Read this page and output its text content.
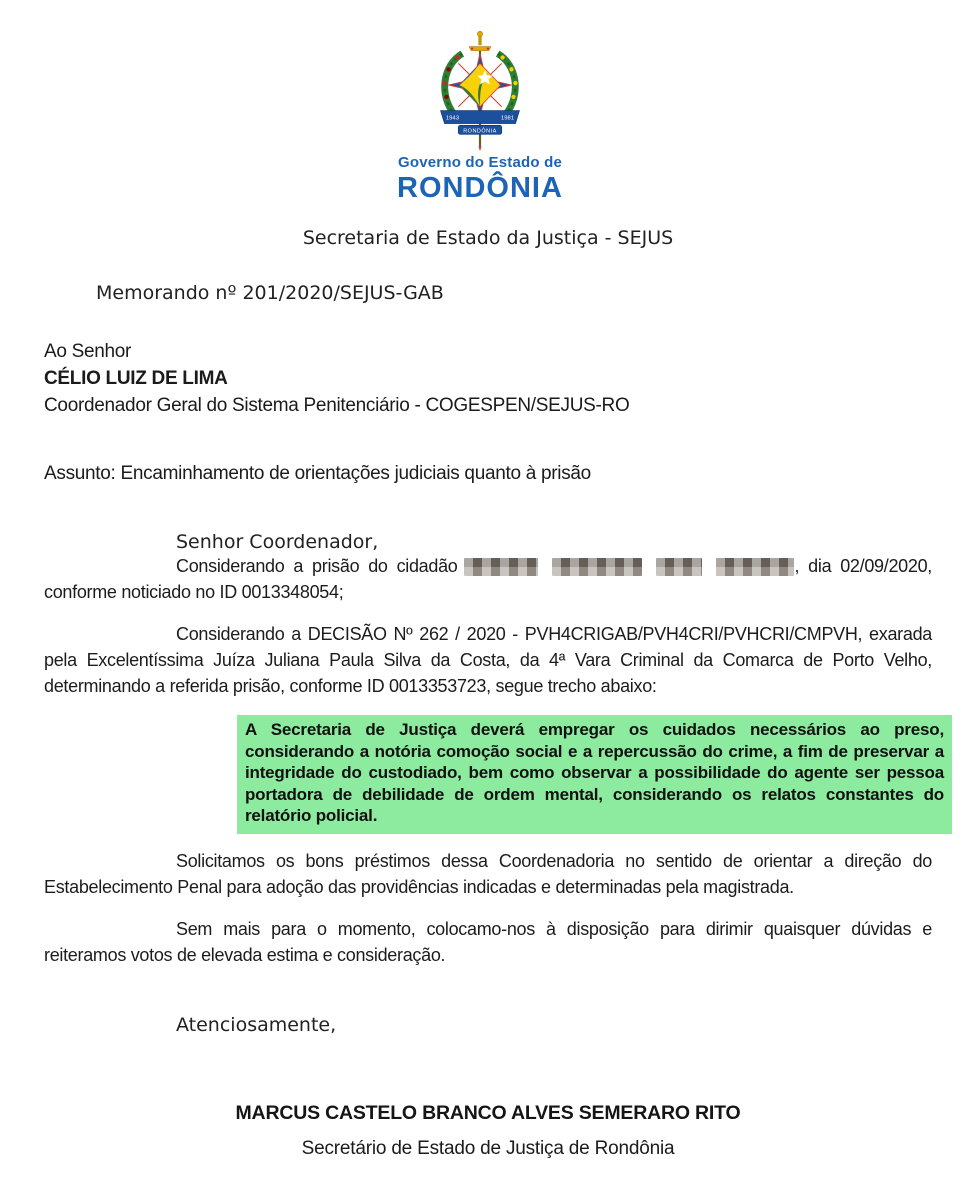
1943	1981
RONDÔNIA
Governo do Estado de
RONDÔNIA
Secretaria de Estado da Justiça - SEJUS
Memorando nº 201/2020/SEJUS-GAB
Ao Senhor
CÉLIO LUIZ DE LIMA
Coordenador Geral do Sistema Penitenciário - COGESPEN/SEJUS-RO
Assunto: Encaminhamento de orientações judiciais quanto à prisão
Senhor Coordenador,

Considerando a prisão do cidadão	, dia 02/09/2020, conforme noticiado no ID 0013348054;

Considerando a DECISÃO Nº 262 / 2020 - PVH4CRIGAB/PVH4CRI/PVHCRI/CMPVH, exarada pela Excelentíssima Juíza Juliana Paula Silva da Costa, da 4ª Vara Criminal da Comarca de Porto Velho, determinando a referida prisão, conforme ID 0013353723, segue trecho abaixo:

A Secretaria de Justiça deverá empregar os cuidados necessários ao preso, considerando a notória comoção social e a repercussão do crime, a fim de preservar a integridade do custodiado, bem como observar a possibilidade do agente ser pessoa portadora de debilidade de ordem mental, considerando os relatos constantes do relatório policial.

Solicitamos os bons préstimos dessa Coordenadoria no sentido de orientar a direção do Estabelecimento Penal para adoção das providências indicadas e determinadas pela magistrada.

Sem mais para o momento, colocamo-nos à disposição para dirimir quaisquer dúvidas e reiteramos votos de elevada estima e consideração.

Atenciosamente,
MARCUS CASTELO BRANCO ALVES SEMERARO RITO
Secretário de Estado de Justiça de Rondônia
